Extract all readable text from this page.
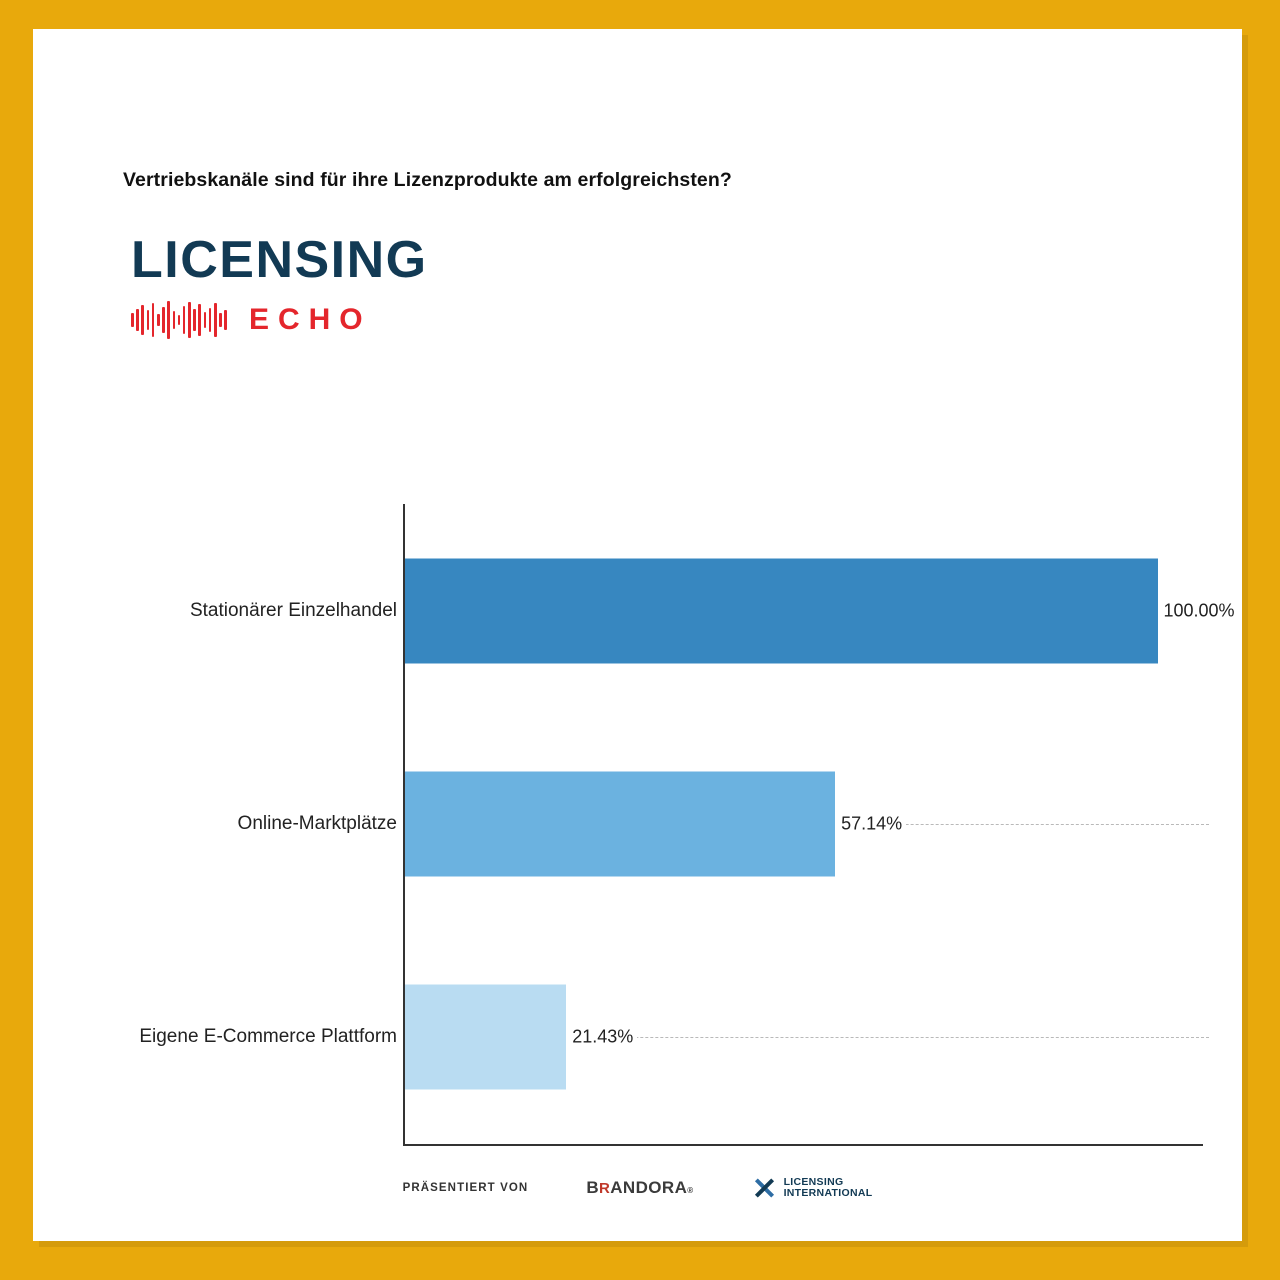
Vertriebskanäle sind für ihre Lizenzprodukte am erfolgreichsten?
LICENSING
ECHO
Stationärer Einzelhandel	100.00%
Online-Marktplätze	57.14%
Eigene E-Commerce Plattform	21.43%
PRÄSENTIERT VON	B R ANDORA ®
LICENSING
INTERNATIONAL
